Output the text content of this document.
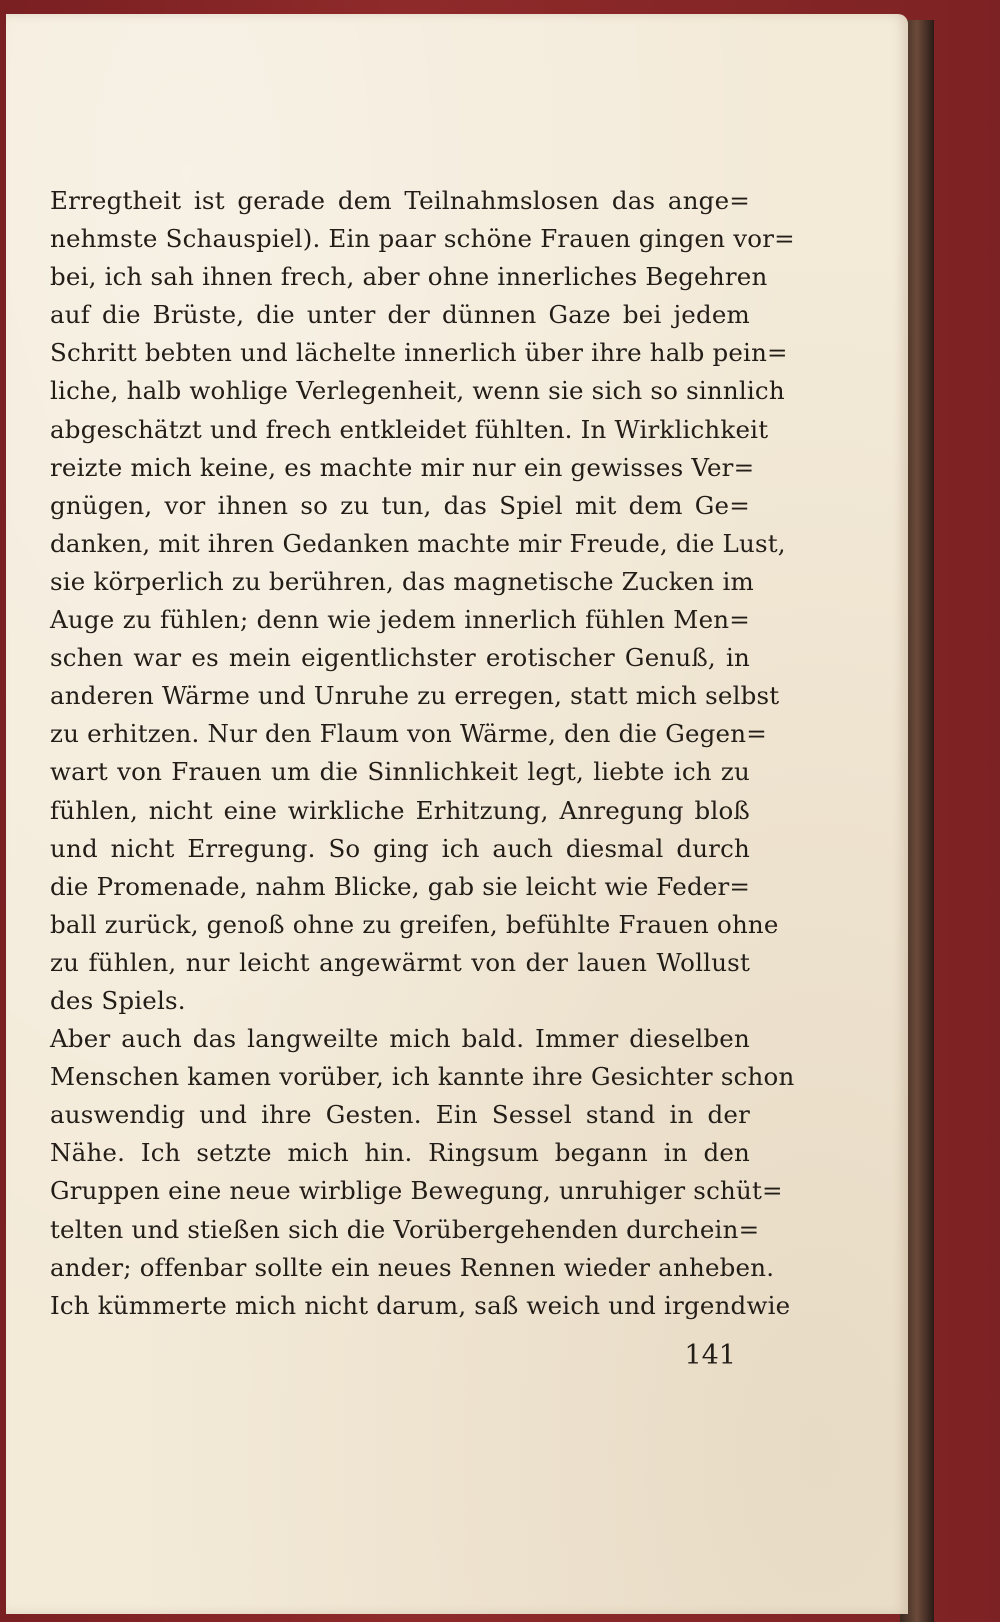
Erregtheit ist gerade dem Teilnahmslosen das ange=
nehmste Schauspiel). Ein paar schöne Frauen gingen vor=
bei, ich sah ihnen frech, aber ohne innerliches Begehren
auf die Brüste, die unter der dünnen Gaze bei jedem
Schritt bebten und lächelte innerlich über ihre halb pein=
liche, halb wohlige Verlegenheit, wenn sie sich so sinnlich
abgeschätzt und frech entkleidet fühlten. In Wirklichkeit
reizte mich keine, es machte mir nur ein gewisses Ver=
gnügen, vor ihnen so zu tun, das Spiel mit dem Ge=
danken, mit ihren Gedanken machte mir Freude, die Lust,
sie körperlich zu berühren, das magnetische Zucken im
Auge zu fühlen; denn wie jedem innerlich fühlen Men=
schen war es mein eigentlichster erotischer Genuß, in
anderen Wärme und Unruhe zu erregen, statt mich selbst
zu erhitzen. Nur den Flaum von Wärme, den die Gegen=
wart von Frauen um die Sinnlichkeit legt, liebte ich zu
fühlen, nicht eine wirkliche Erhitzung, Anregung bloß
und nicht Erregung. So ging ich auch diesmal durch
die Promenade, nahm Blicke, gab sie leicht wie Feder=
ball zurück, genoß ohne zu greifen, befühlte Frauen ohne
zu fühlen, nur leicht angewärmt von der lauen Wollust
des Spiels.
Aber auch das langweilte mich bald. Immer dieselben
Menschen kamen vorüber, ich kannte ihre Gesichter schon
auswendig und ihre Gesten. Ein Sessel stand in der
Nähe. Ich setzte mich hin. Ringsum begann in den
Gruppen eine neue wirblige Bewegung, unruhiger schüt=
telten und stießen sich die Vorübergehenden durchein=
ander; offenbar sollte ein neues Rennen wieder anheben.
Ich kümmerte mich nicht darum, saß weich und irgendwie
141
